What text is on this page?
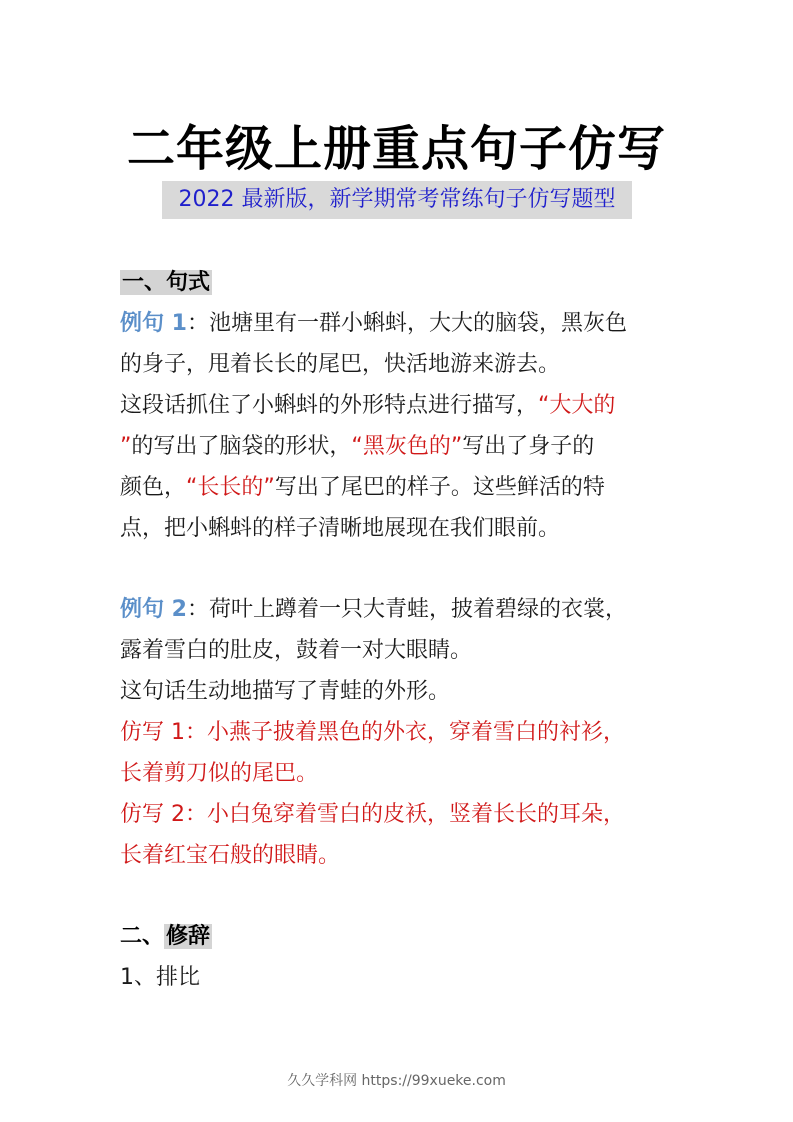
二年级上册重点句子仿写
2022 最新版，新学期常考常练句子仿写题型
一、句式
例句 1：池塘里有一群小蝌蚪，大大的脑袋，黑灰色
的身子，甩着长长的尾巴，快活地游来游去。
这段话抓住了小蝌蚪的外形特点进行描写，“大大的
”的写出了脑袋的形状，“黑灰色的”写出了身子的
颜色，“长长的”写出了尾巴的样子。这些鲜活的特
点，把小蝌蚪的样子清晰地展现在我们眼前。
例句 2：荷叶上蹲着一只大青蛙，披着碧绿的衣裳，
露着雪白的肚皮，鼓着一对大眼睛。
这句话生动地描写了青蛙的外形。
仿写 1：小燕子披着黑色的外衣，穿着雪白的衬衫，
长着剪刀似的尾巴。
仿写 2：小白兔穿着雪白的皮袄，竖着长长的耳朵，
长着红宝石般的眼睛。
二、修辞
1、排比
久久学科网 https://99xueke.com
